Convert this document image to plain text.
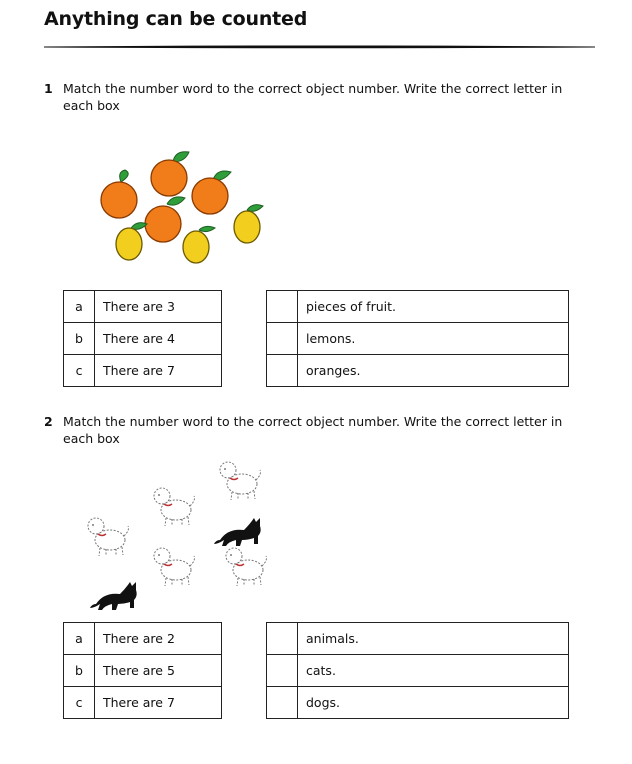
Anything can be counted
1 Match the number word to the correct object number. Write the correct letter in each box
a	There are 3
b	There are 4
c	There are 7
	pieces of fruit.
	lemons.
	oranges.
2 Match the number word to the correct object number. Write the correct letter in each box
a	There are 2
b	There are 5
c	There are 7
	animals.
	cats.
	dogs.
